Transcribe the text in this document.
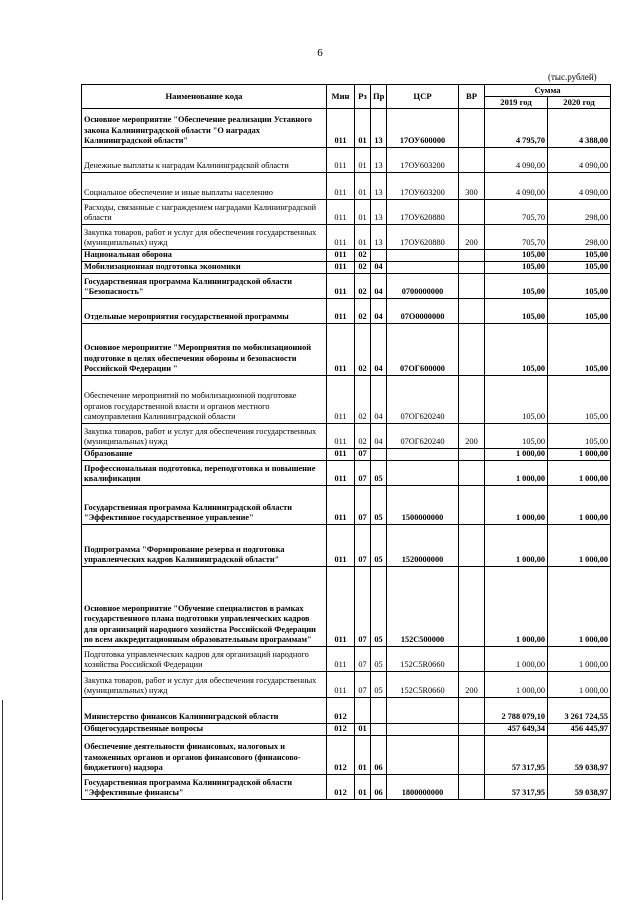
6
(тыс.рублей)
Наименование кода	Мин	Рз	Пр	ЦСР	ВР	Сумма	
						2019 год	2020 год
Основное мероприятие "Обеспечение реализации Уставного закона Калининградской области "О наградах Калининградской области"	011	01	13	17ОУ600000		4 795,70	4 388,00
Денежные выплаты к наградам Калининградской области	011	01	13	17ОУ603200		4 090,00	4 090,00
Социальное обеспечение и иные выплаты населению	011	01	13	17ОУ603200	300	4 090,00	4 090,00
Расходы, связанные с награждением наградами Калининградской области	011	01	13	17ОУ620880		705,70	298,00
Закупка товаров, работ и услуг для обеспечения государственных (муниципальных) нужд	011	01	13	17ОУ620880	200	705,70	298,00
Национальная оборона	011	02				105,00	105,00
Мобилизационная подготовка экономики	011	02	04			105,00	105,00
Государственная программа Калининградской области "Безопасность"	011	02	04	0700000000		105,00	105,00
Отдельные мероприятия государственной программы	011	02	04	07О0000000		105,00	105,00
Основное мероприятие "Мероприятия по мобилизационной подготовке в целях обеспечения обороны и безопасности Российской Федерации "	011	02	04	07ОГ600000		105,00	105,00
Обеспечение мероприятий по мобилизационной подготовке органов государственной власти и органов местного самоуправления Калининградской области	011	02	04	07ОГ620240		105,00	105,00
Закупка товаров, работ и услуг для обеспечения государственных (муниципальных) нужд	011	02	04	07ОГ620240	200	105,00	105,00
Образование	011	07				1 000,00	1 000,00
Профессиональная подготовка, переподготовка и повышение квалификации	011	07	05			1 000,00	1 000,00
Государственная программа Калининградской области "Эффективное государственное управление"	011	07	05	1500000000		1 000,00	1 000,00
Подпрограмма "Формирование резерва и подготовка управленческих кадров Калининградской области"	011	07	05	1520000000		1 000,00	1 000,00
Основное мероприятие "Обучение специалистов в рамках государственного плана подготовки управленческих кадров для организаций народного хозяйства Российской Федерации по всем аккредитационным образовательным программам"	011	07	05	152С500000		1 000,00	1 000,00
Подготовка управленческих кадров для организаций народного хозяйства Российской Федерации	011	07	05	152С5R0660		1 000,00	1 000,00
Закупка товаров, работ и услуг для обеспечения государственных (муниципальных) нужд	011	07	05	152С5R0660	200	1 000,00	1 000,00
Министерство финансов Калининградской области	012					2 788 079,10	3 261 724,55
Общегосударственные вопросы	012	01				457 649,34	456 445,97
Обеспечение деятельности финансовых, налоговых и таможенных органов и органов финансового (финансово-бюджетного) надзора	012	01	06			57 317,95	59 038,97
Государственная программа Калининградской области "Эффективные финансы"	012	01	06	1800000000		57 317,95	59 038,97
